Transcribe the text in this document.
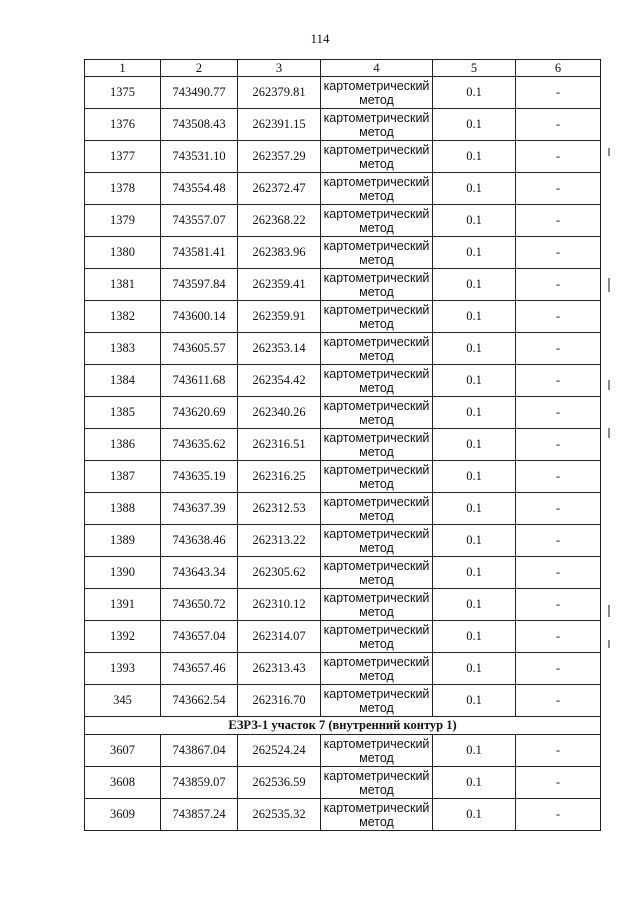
114
1	2	3	4	5	6
1375	743490.77	262379.81	картометрический метод	0.1	-
1376	743508.43	262391.15	картометрический метод	0.1	-
1377	743531.10	262357.29	картометрический метод	0.1	-
1378	743554.48	262372.47	картометрический метод	0.1	-
1379	743557.07	262368.22	картометрический метод	0.1	-
1380	743581.41	262383.96	картометрический метод	0.1	-
1381	743597.84	262359.41	картометрический метод	0.1	-
1382	743600.14	262359.91	картометрический метод	0.1	-
1383	743605.57	262353.14	картометрический метод	0.1	-
1384	743611.68	262354.42	картометрический метод	0.1	-
1385	743620.69	262340.26	картометрический метод	0.1	-
1386	743635.62	262316.51	картометрический метод	0.1	-
1387	743635.19	262316.25	картометрический метод	0.1	-
1388	743637.39	262312.53	картометрический метод	0.1	-
1389	743638.46	262313.22	картометрический метод	0.1	-
1390	743643.34	262305.62	картометрический метод	0.1	-
1391	743650.72	262310.12	картометрический метод	0.1	-
1392	743657.04	262314.07	картометрический метод	0.1	-
1393	743657.46	262313.43	картометрический метод	0.1	-
345	743662.54	262316.70	картометрический метод	0.1	-
ЕЗРЗ-1 участок 7 (внутренний контур 1)					
3607	743867.04	262524.24	картометрический метод	0.1	-
3608	743859.07	262536.59	картометрический метод	0.1	-
3609	743857.24	262535.32	картометрический метод	0.1	-
